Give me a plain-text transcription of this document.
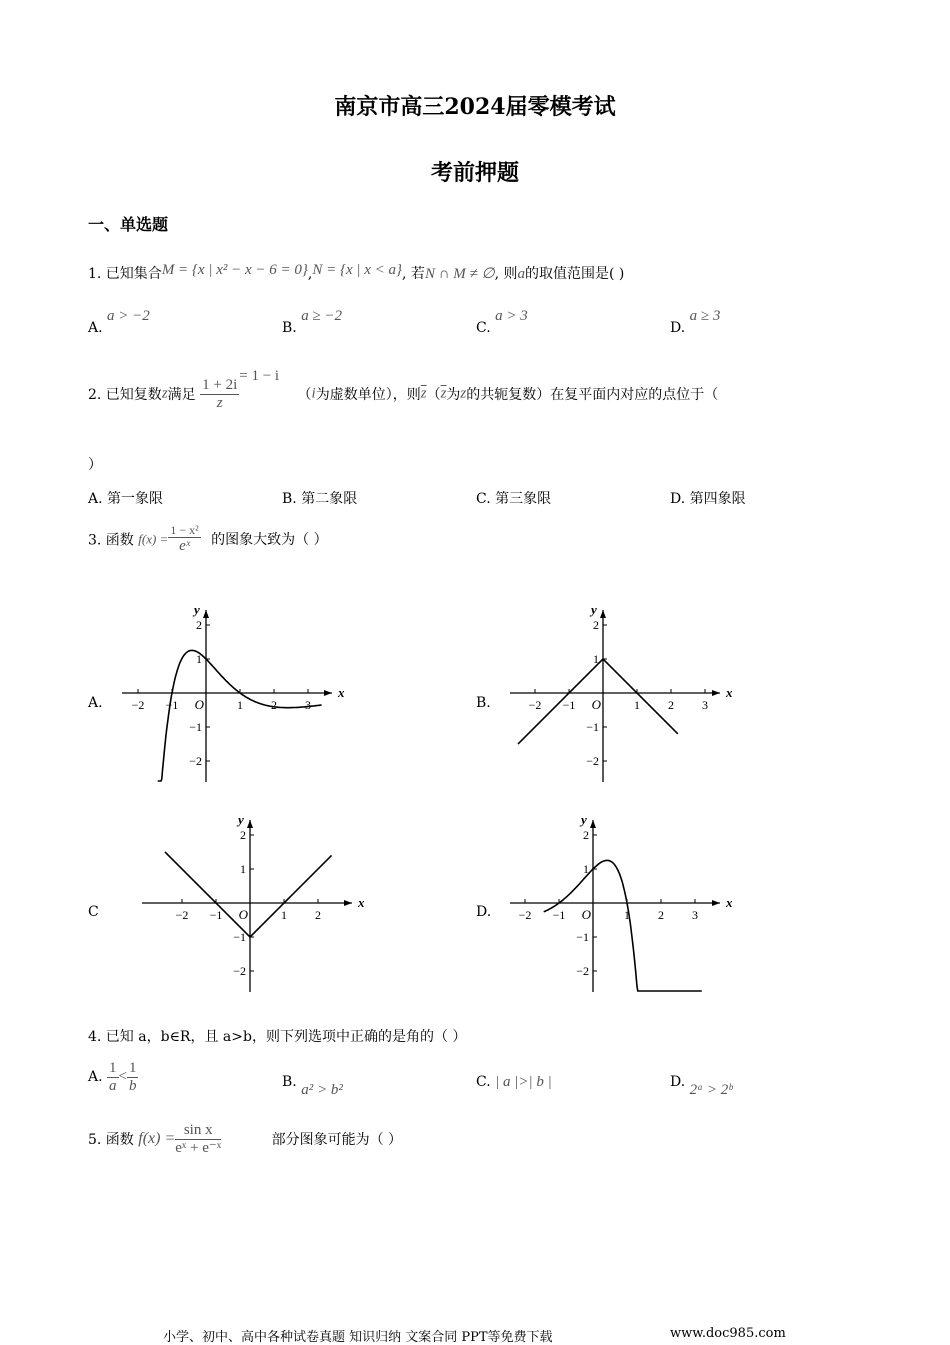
南京市高三2024届零模考试
考前押题
一、单选题
1. 已知集合M = {x | x² − x − 6 = 0},N = {x | x < a}, 若N ∩ M ≠ ∅, 则a的取值范围是( )
A. a > −2
B. a ≥ −2
C. a > 3
D. a ≥ 3
2. 已知复数z满足 $\frac{1 + 2i}{z}$
= 1 − i （i为虚数单位），则$\overline{z}(\overline{z}$为z的共轭复数）在复平面内对应的点位于（
）
A. 第一象限	B. 第二象限	C. 第三象限	D. 第四象限
3. 函数 $f(x) = \frac{\text{1 − x²}}{\text{eˣ}}$ 的图象大致为（ ）
A.	B.
C	D.
x
y
O
−2 −1	1 2 3
2
1
−1
−2
x
y
O
−2 −1	1 2 3
2
1
−1
−2
x
y
O
−2 −1	1 2
2
1
−1
−2
x
y
O
−2 −1	1 2 3
2
1
−1
−2
4. 已知 a，b∈R，且 a>b，则下列选项中正确的是角的（ ）
A. $\frac{1}{a} < \frac{1}{b}$	B. a² > b²	C. | a |>| b |	D. 2ᵃ > 2ᵇ
5. 函数 $f(x) = \frac{\text{sin x}}{\text{eˣ + e⁻ˣ}}$	部分图象可能为（ ）
小学、初中、高中各种试卷真题 知识归纳 文案合同 PPT等免费下载	www.doc985.com
